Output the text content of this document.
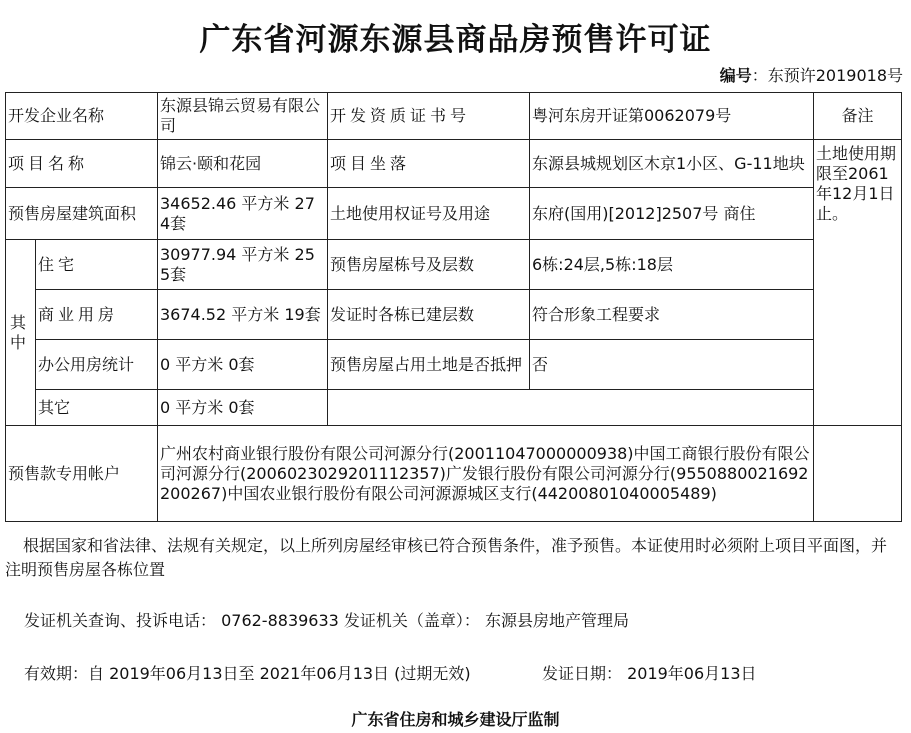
广东省河源东源县商品房预售许可证
编号：东预许2019018号
开发企业名称		东源县锦云贸易有限公司	开发资质证书号	粤河东房开证第0062079号	备注
项目名称		锦云·颐和花园	项目坐落	东源县城规划区木京1小区、G-11地块	土地使用期限至2061年12月1日止。
预售房屋建筑面积		34652.46 平方米 274套	土地使用权证号及用途	东府(国用)[2012]2507号 商住	
其中	住宅	30977.94 平方米 255套	预售房屋栋号及层数	6栋:24层,5栋:18层	
	商业用房	3674.52 平方米 19套	发证时各栋已建层数	符合形象工程要求	
	办公用房统计	0 平方米 0套	预售房屋占用土地是否抵押	否	
	其它	0 平方米 0套			
预售款专用帐户		广州农村商业银行股份有限公司河源分行(20011047000000938)中国工商银行股份有限公司河源分行(2006023029201112357)广发银行股份有限公司河源分行(9550880021692200267)中国农业银行股份有限公司河源源城区支行(44200801040005489)			
根据国家和省法律、法规有关规定，以上所列房屋经审核已符合预售条件，准予预售。本证使用时必须附上项目平面图，并注明预售房屋各栋位置
发证机关查询、投诉电话： 0762-8839633 发证机关（盖章）： 东源县房地产管理局
有效期：自 2019年06月13日至 2021年06月13日 (过期无效)	发证日期： 2019年06月13日
广东省住房和城乡建设厅监制
